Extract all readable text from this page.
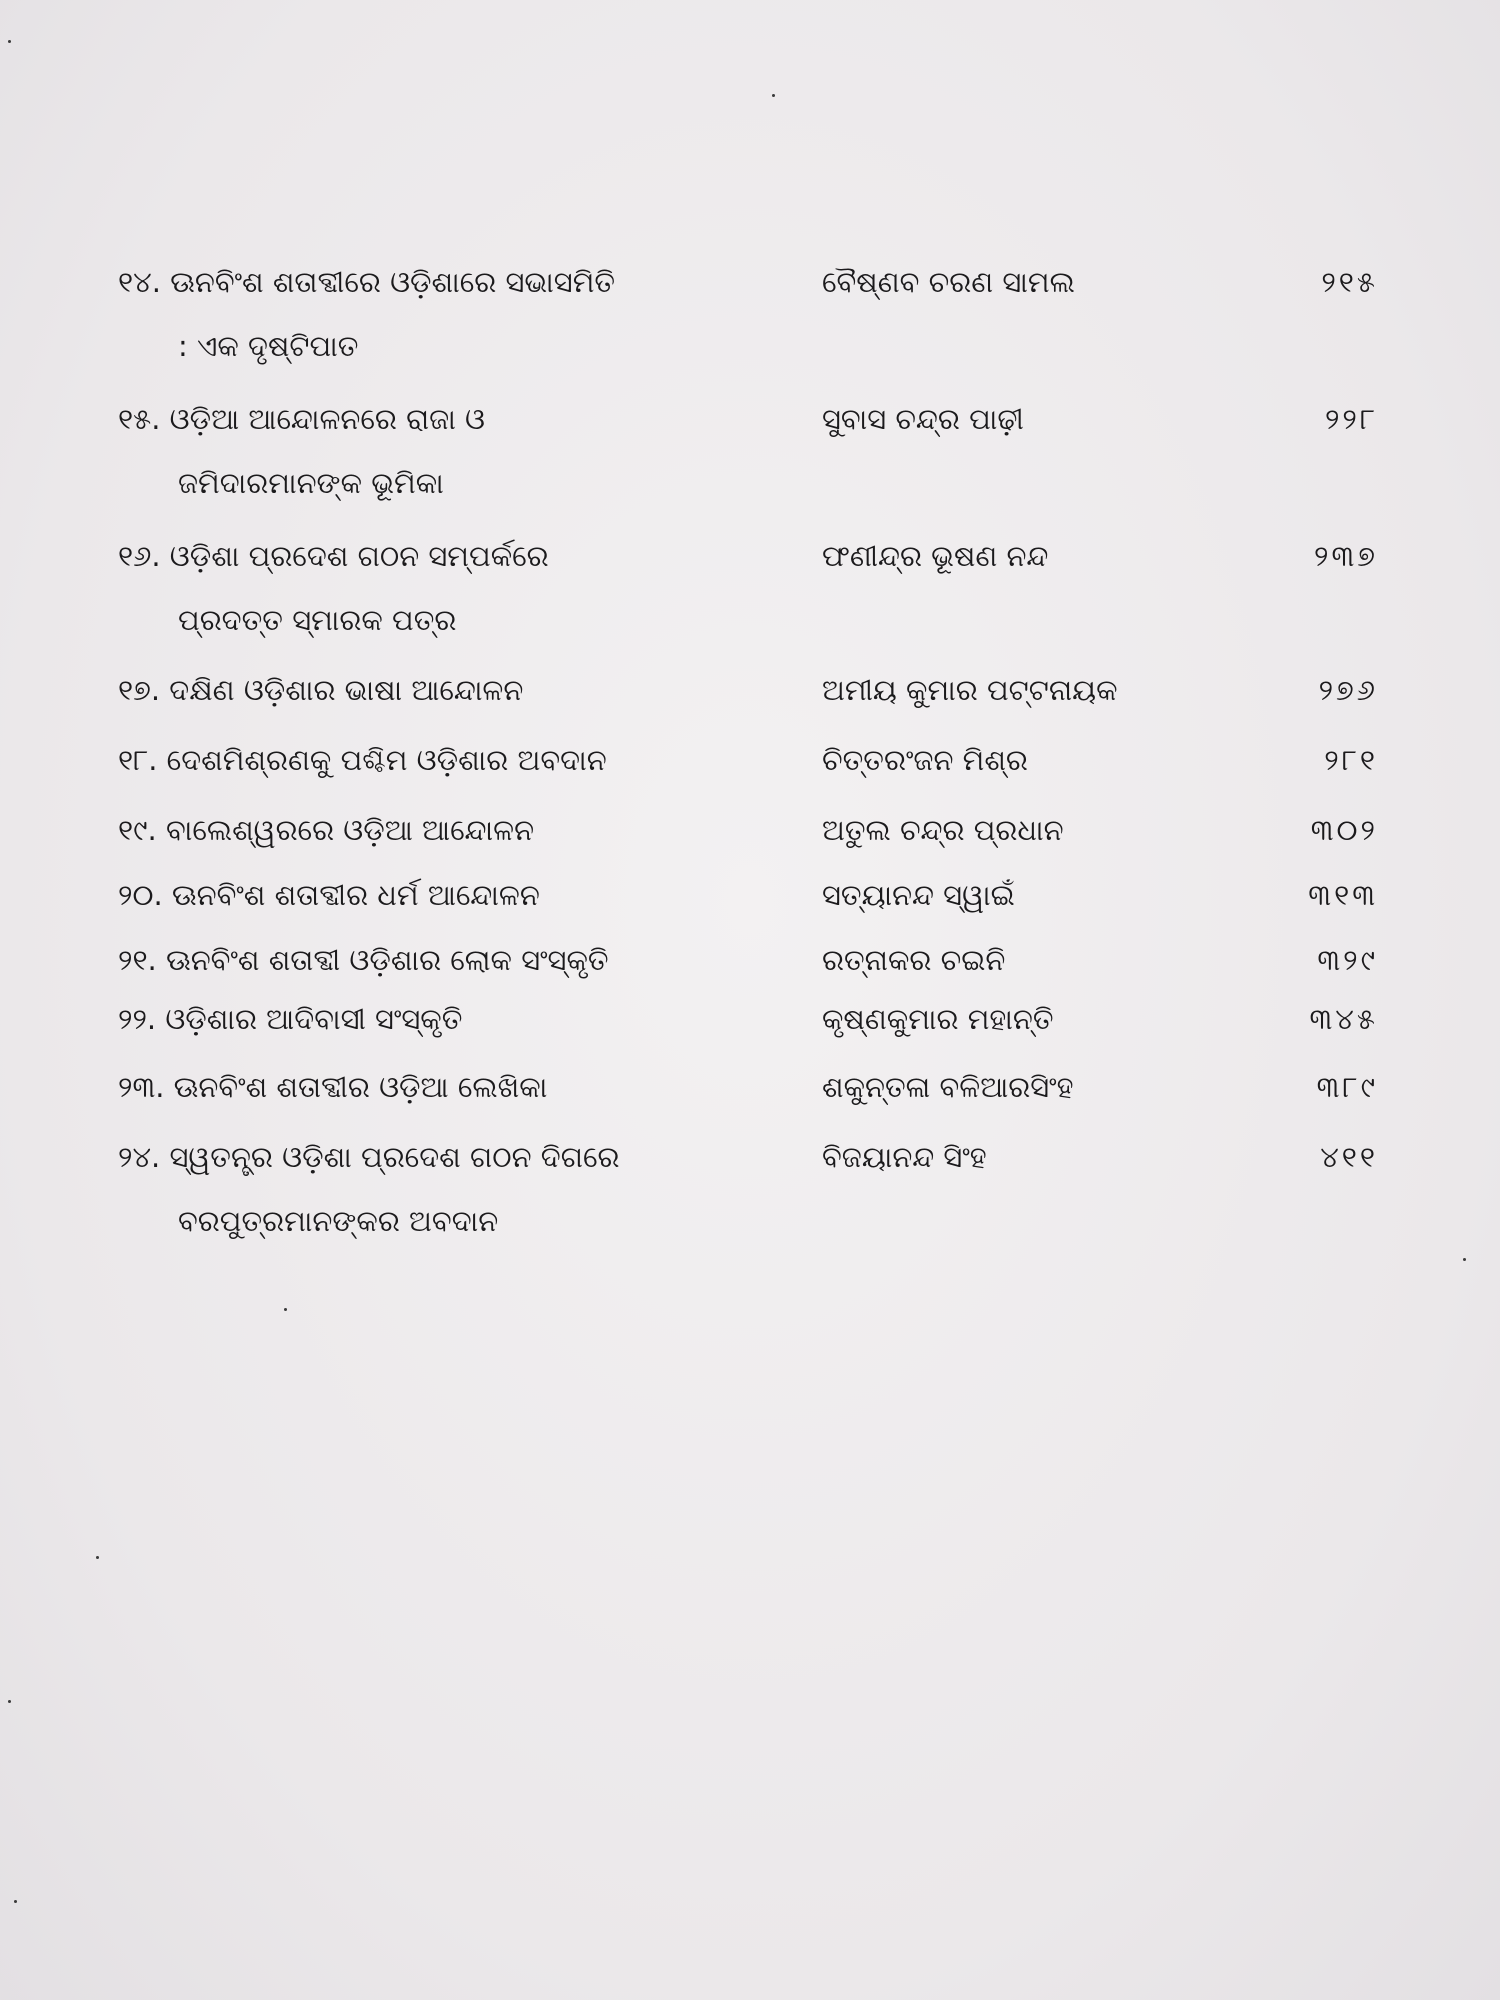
୧୪. ଊନବିଂଶ ଶତାବ୍ଦୀରେ ଓଡ଼ିଶାରେ ସଭାସମିତି
: ଏକ ଦୃଷ୍ଟିପାତ
ବୈଷ୍ଣବ ଚରଣ ସାମଲ	୨୧୫
୧୫. ଓଡ଼ିଆ ଆନ୍ଦୋଳନରେ ରାଜା ଓ
ଜମିଦାରମାନଙ୍କ ଭୂମିକା
ସୁବାସ ଚନ୍ଦ୍ର ପାଢ଼ୀ	୨୨୮
୧୬. ଓଡ଼ିଶା ପ୍ରଦେଶ ଗଠନ ସମ୍ପର୍କରେ
ପ୍ରଦତ୍ତ ସ୍ମାରକ ପତ୍ର
ଫଣୀନ୍ଦ୍ର ଭୂଷଣ ନନ୍ଦ	୨୩୭
୧୭. ଦକ୍ଷିଣ ଓଡ଼ିଶାର ଭାଷା ଆନ୍ଦୋଳନ	ଅମୀୟ କୁମାର ପଟ୍ଟନାୟକ	୨୭୬
୧୮. ଦେଶମିଶ୍ରଣକୁ ପଶ୍ଚିମ ଓଡ଼ିଶାର ଅବଦାନ	ଚିତ୍ତରଂଜନ ମିଶ୍ର	୨୮୧
୧୯. ବାଲେଶ୍ୱରରେ ଓଡ଼ିଆ ଆନ୍ଦୋଳନ	ଅତୁଲ ଚନ୍ଦ୍ର ପ୍ରଧାନ	୩୦୨
୨୦. ଊନବିଂଶ ଶତାବ୍ଦୀର ଧର୍ମ ଆନ୍ଦୋଳନ	ସତ୍ୟାନନ୍ଦ ସ୍ୱାଇଁ	୩୧୩
୨୧. ଊନବିଂଶ ଶତାବ୍ଦୀ ଓଡ଼ିଶାର ଲୋକ ସଂସ୍କୃତି	ରତ୍ନାକର ଚଇନି	୩୨୯
୨୨. ଓଡ଼ିଶାର ଆଦିବାସୀ ସଂସ୍କୃତି	କୃଷ୍ଣକୁମାର ମହାନ୍ତି	୩୪୫
୨୩. ଊନବିଂଶ ଶତାବ୍ଦୀର ଓଡ଼ିଆ ଲେଖିକା	ଶକୁନ୍ତଳା ବଳିଆରସିଂହ	୩୮୯
୨୪. ସ୍ୱତନ୍ତ୍ର ଓଡ଼ିଶା ପ୍ରଦେଶ ଗଠନ ଦିଗରେ
ବରପୁତ୍ରମାନଙ୍କର ଅବଦାନ
ବିଜୟାନନ୍ଦ ସିଂହ	୪୧୧
